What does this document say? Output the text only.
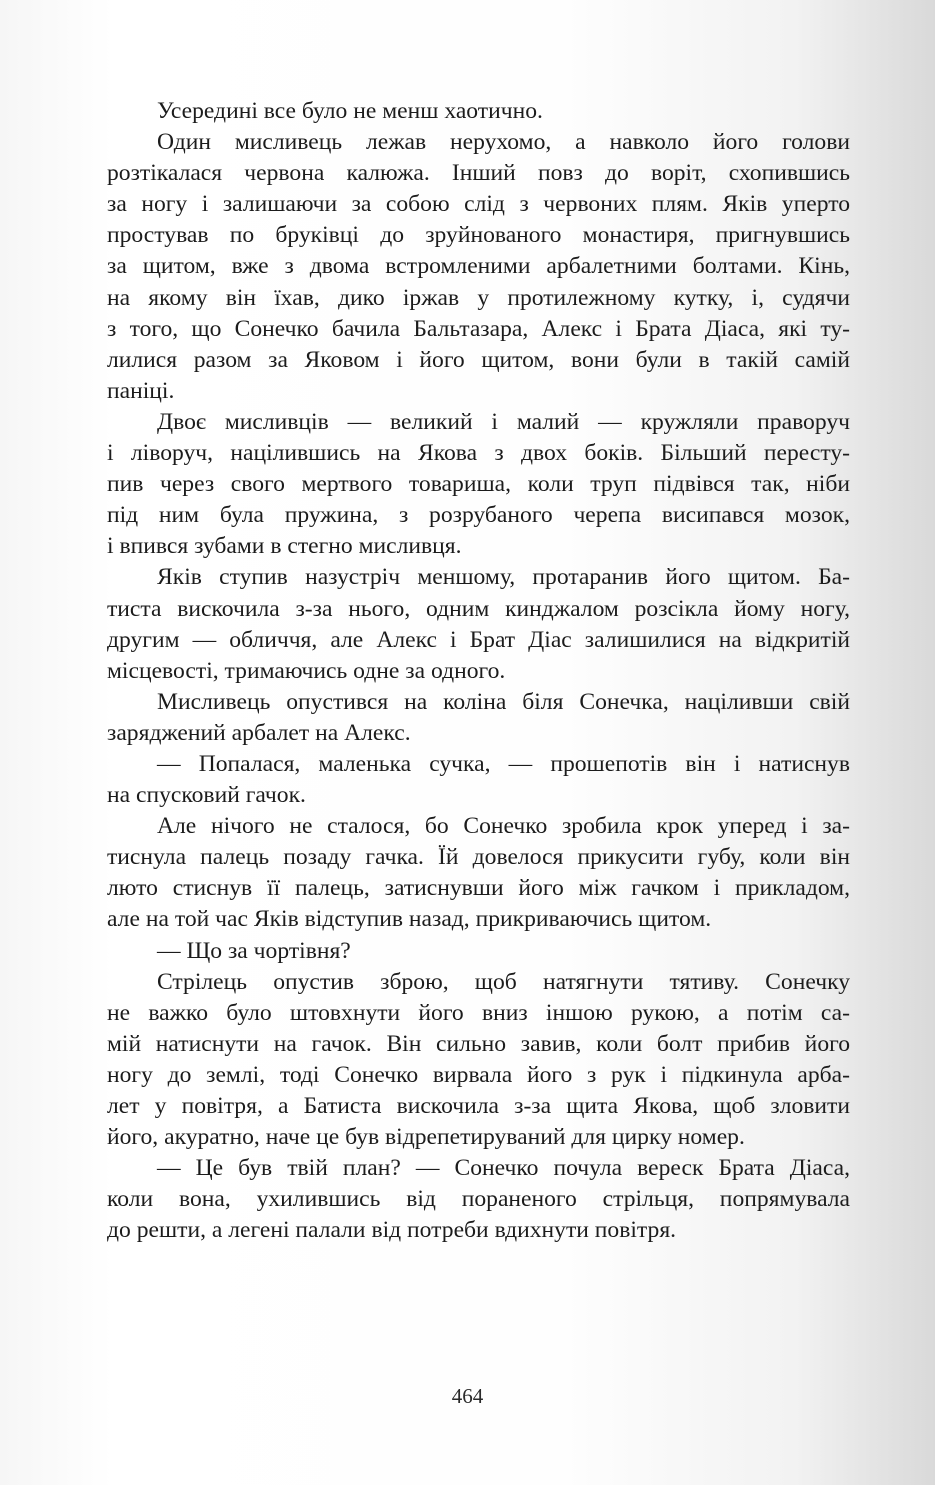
Усередині все було не менш хаотично.
Один мисливець лежав нерухомо, а навколо його голови
розтікалася червона калюжа. Інший повз до воріт, схопившись
за ногу і залишаючи за собою слід з червоних плям. Яків уперто
простував по бруківці до зруйнованого монастиря, пригнувшись
за щитом, вже з двома встромленими арбалетними болтами. Кінь,
на якому він їхав, дико іржав у протилежному кутку, і, судячи
з того, що Сонечко бачила Бальтазара, Алекс і Брата Діаса, які ту-
лилися разом за Яковом і його щитом, вони були в такій самій
паніці.
Двоє мисливців — великий і малий — кружляли праворуч
і ліворуч, націлившись на Якова з двох боків. Більший пересту-
пив через свого мертвого товариша, коли труп підвівся так, ніби
під ним була пружина, з розрубаного черепа висипався мозок,
і впився зубами в стегно мисливця.
Яків ступив назустріч меншому, протаранив його щитом. Ба-
тиста вискочила з-за нього, одним кинджалом розсікла йому ногу,
другим — обличчя, але Алекс і Брат Діас залишилися на відкритій
місцевості, тримаючись одне за одного.
Мисливець опустився на коліна біля Сонечка, націливши свій
заряджений арбалет на Алекс.
— Попалася, маленька сучка, — прошепотів він і натиснув
на спусковий гачок.
Але нічого не сталося, бо Сонечко зробила крок уперед і за-
тиснула палець позаду гачка. Їй довелося прикусити губу, коли він
люто стиснув її палець, затиснувши його між гачком і прикладом,
але на той час Яків відступив назад, прикриваючись щитом.
— Що за чортівня?
Стрілець опустив зброю, щоб натягнути тятиву. Сонечку
не важко було штовхнути його вниз іншою рукою, а потім са-
мій натиснути на гачок. Він сильно завив, коли болт прибив його
ногу до землі, тоді Сонечко вирвала його з рук і підкинула арба-
лет у повітря, а Батиста вискочила з-за щита Якова, щоб зловити
його, акуратно, наче це був відрепетируваний для цирку номер.
— Це був твій план? — Сонечко почула вереск Брата Діаса,
коли вона, ухилившись від пораненого стрільця, попрямувала
до решти, а легені палали від потреби вдихнути повітря.
464
